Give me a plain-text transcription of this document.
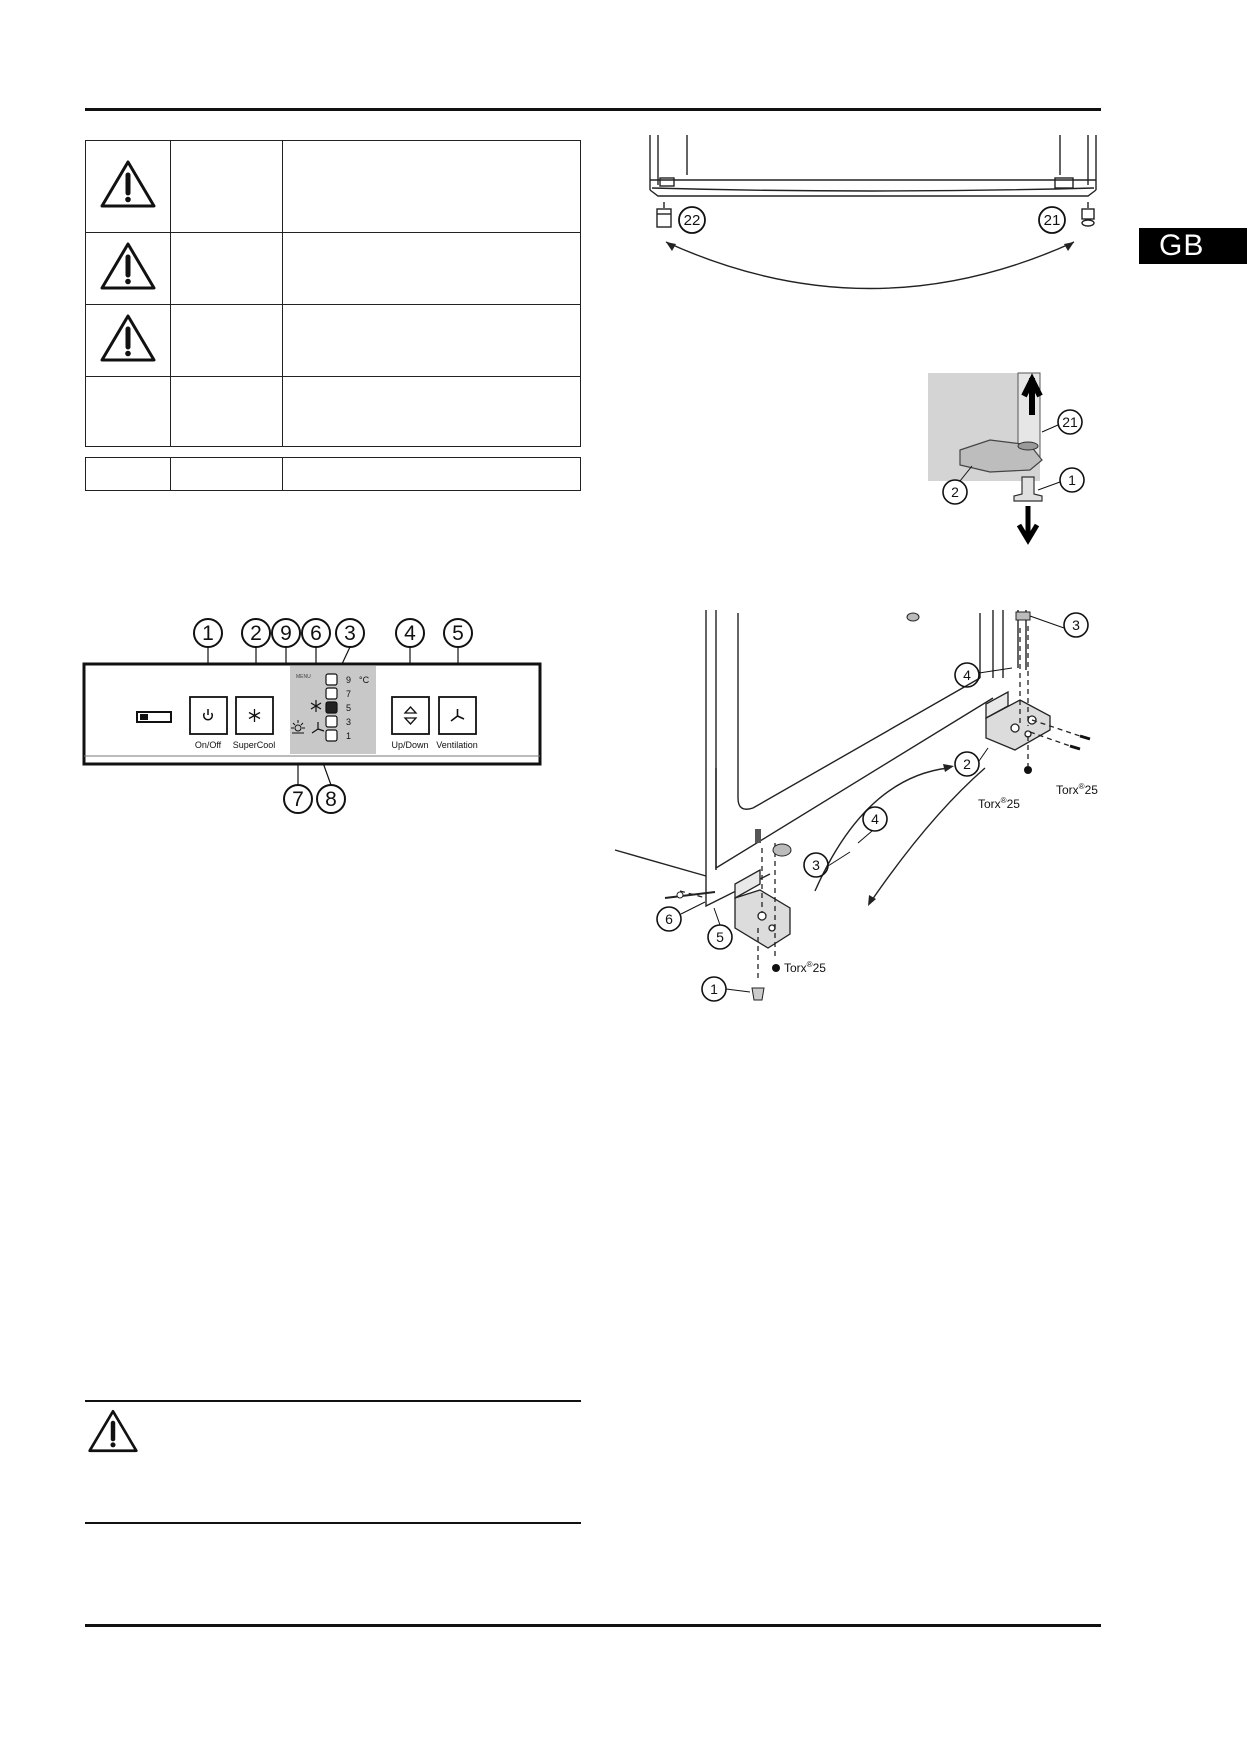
GB

1 2 9 6 3 4 5
7 8
MENU
On/Off SuperCool
9 °C
7
5
3
1
Up/Down Ventilation
22	21
21
2
1
3
4
2
4
3
6
5
1
Torx®25
Torx®25
Torx®25
